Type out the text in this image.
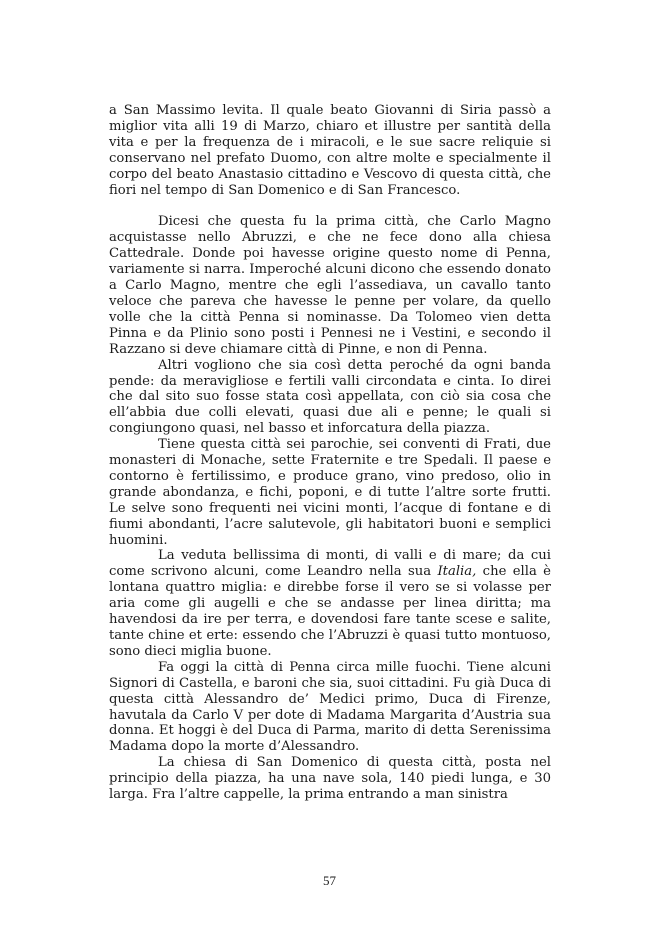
a San Massimo levita. Il quale beato Giovanni di Siria passò a miglior vita alli 19 di Marzo, chiaro et illustre per santità della vita e per la frequenza de i miracoli, e le sue sacre reliquie si conservano nel prefato Duomo, con altre molte e specialmente il corpo del beato Anastasio cittadino e Vescovo di questa città, che fiori nel tempo di San Domenico e di San Francesco.

Dicesi che questa fu la prima città, che Carlo Magno acquistasse nello Abruzzi, e che ne fece dono alla chiesa Cattedrale. Donde poi havesse origine questo nome di Penna, variamente si narra. Imperoché alcuni dicono che essendo donato a Carlo Magno, mentre che egli l’assediava, un cavallo tanto veloce che pareva che havesse le penne per volare, da quello volle che la città Penna si nominasse. Da Tolomeo vien detta Pinna e da Plinio sono posti i Pennesi ne i Vestini, e secondo il Razzano si deve chiamare città di Pinne, e non di Penna.

Altri vogliono che sia così detta peroché da ogni banda pende: da meravigliose e fertili valli circondata e cinta. Io direi che dal sito suo fosse stata così appellata, con ciò sia cosa che ell’abbia due colli elevati, quasi due ali e penne; le quali si congiungono quasi, nel basso et inforcatura della piazza.

Tiene questa città sei parochie, sei conventi di Frati, due monasteri di Monache, sette Fraternite e tre Spedali. Il paese e contorno è fertilissimo, e produce grano, vino predoso, olio in grande abondanza, e fichi, poponi, e di tutte l’altre sorte frutti. Le selve sono frequenti nei vicini monti, l’acque di fontane e di fiumi abondanti, l’acre salutevole, gli habitatori buoni e semplici huomini.

La veduta bellissima di monti, di valli e di mare; da cui come scrivono alcuni, come Leandro nella sua Italia, che ella è lontana quattro miglia: e direbbe forse il vero se si volasse per aria come gli augelli e che se andasse per linea diritta; ma havendosi da ire per terra, e dovendosi fare tante scese e salite, tante chine et erte: essendo che l’Abruzzi è quasi tutto montuoso, sono dieci miglia buone.

Fa oggi la città di Penna circa mille fuochi. Tiene alcuni Signori di Castella, e baroni che sia, suoi cittadini. Fu già Duca di questa città Alessandro de’ Medici primo, Duca di Firenze, havutala da Carlo V per dote di Madama Margarita d’Austria sua donna. Et hoggi è del Duca di Parma, marito di detta Serenissima Madama dopo la morte d’Alessandro.

La chiesa di San Domenico di questa città, posta nel principio della piazza, ha una nave sola, 140 piedi lunga, e 30 larga. Fra l’altre cappelle, la prima entrando a man sinistra

57
